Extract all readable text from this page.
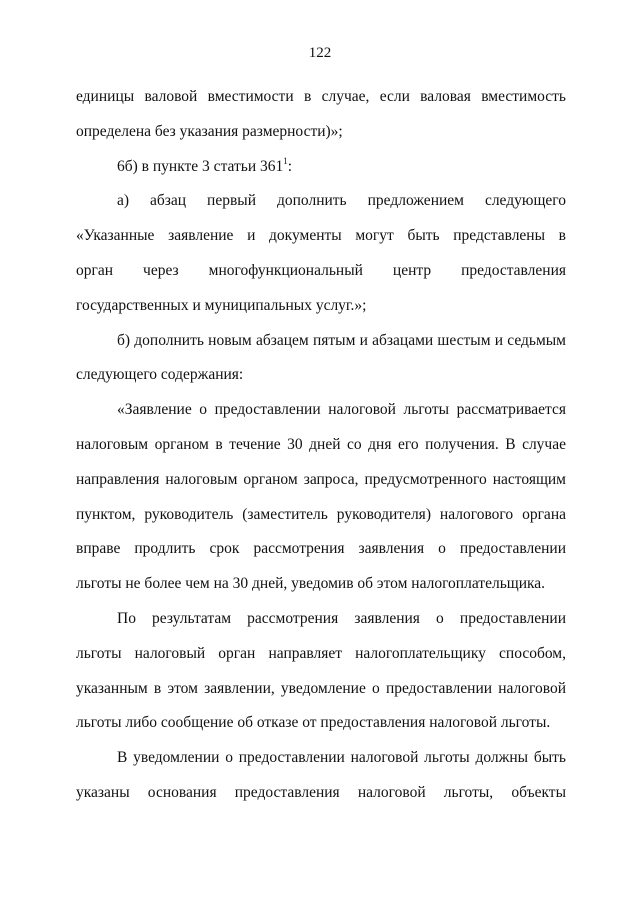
122
единицы валовой вместимости в случае, если валовая вместимость
определена без указания размерности)»;
6б) в пункте 3 статьи $361^1$:
а) абзац первый дополнить предложением следующего
«Указанные заявление и документы могут быть представлены в
орган через многофункциональный центр предоставления
государственных и муниципальных услуг.»;
б) дополнить новым абзацем пятым и абзацами шестым и седьмым
следующего содержания:
«Заявление о предоставлении налоговой льготы рассматривается
налоговым органом в течение 30 дней со дня его получения. В случае
направления налоговым органом запроса, предусмотренного настоящим
пунктом, руководитель (заместитель руководителя) налогового органа
вправе продлить срок рассмотрения заявления о предоставлении
льготы не более чем на 30 дней, уведомив об этом налогоплательщика.
По результатам рассмотрения заявления о предоставлении
льготы налоговый орган направляет налогоплательщику способом,
указанным в этом заявлении, уведомление о предоставлении налоговой
льготы либо сообщение об отказе от предоставления налоговой льготы.
В уведомлении о предоставлении налоговой льготы должны быть
указаны основания предоставления налоговой льготы, объекты
